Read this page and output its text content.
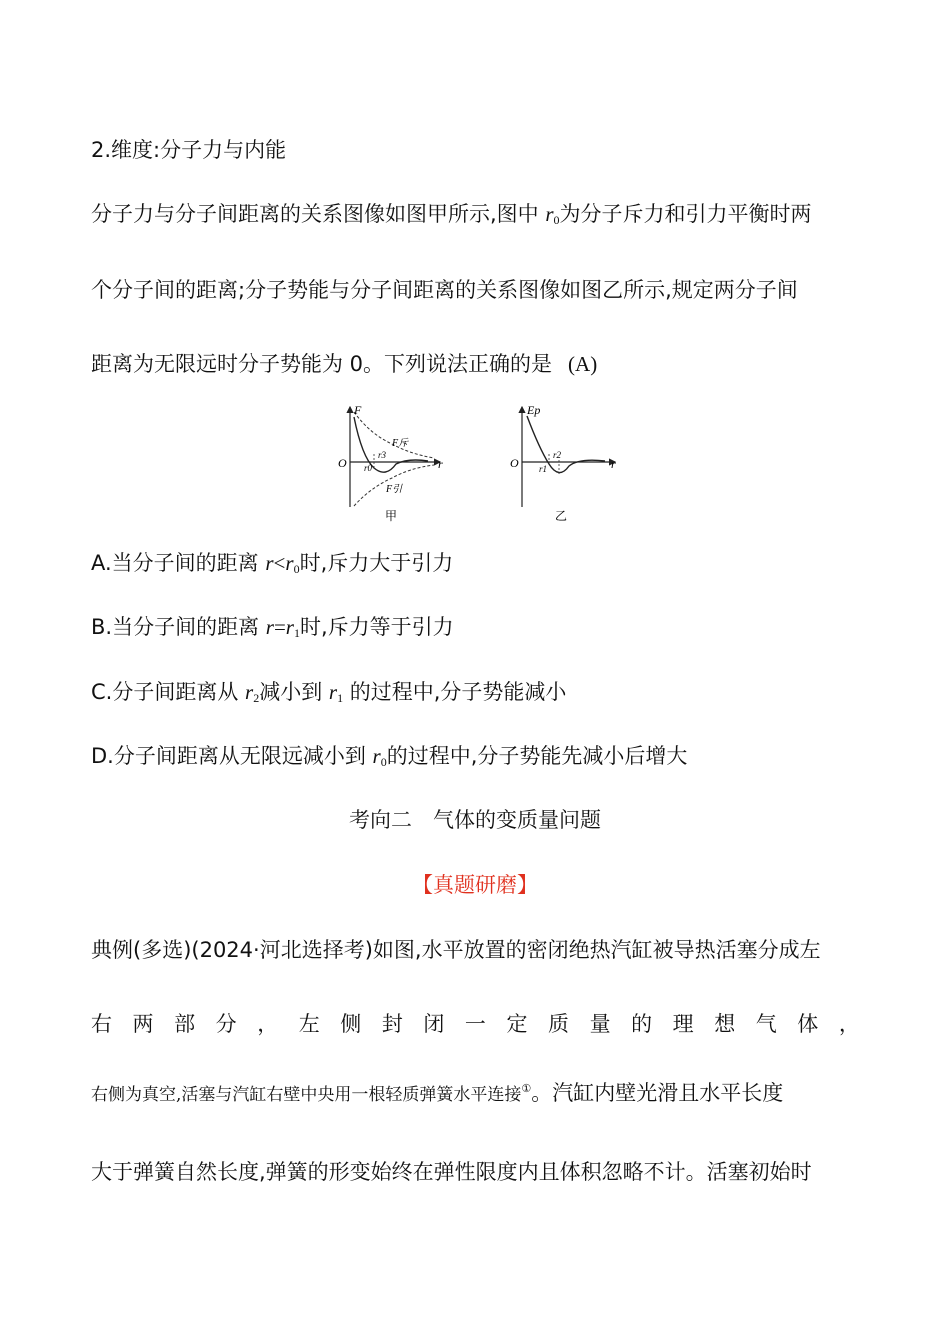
2.维度:分子力与内能
分子力与分子间距离的关系图像如图甲所示,图中 $r_0$为分子斥力和引力平衡时两
个分子间的距离;分子势能与分子间距离的关系图像如图乙所示,规定两分子间
距离为无限远时分子势能为 0。下列说法正确的是 (A)
F
O	r
r0
r3
F斥
F引
甲
Ep
O	r
r1
r2
乙
A.当分子间的距离 $r<r_0$时,斥力大于引力
B.当分子间的距离 $r=r_1$时,斥力等于引力
C.分子间距离从 $r_2$减小到 $r_1$ 的过程中,分子势能减小
D.分子间距离从无限远减小到 $r_0$的过程中,分子势能先减小后增大
考向二　气体的变质量问题
【真题研磨】
典例(多选)(2024·河北选择考)如图,水平放置的密闭绝热汽缸被导热活塞分成左
右 两 部 分 ， 左 侧 封 闭 一 定 质 量 的 理 想 气 体 ，
右侧为真空,活塞与汽缸右壁中央用一根轻质弹簧水平连接①。汽缸内壁光滑且水平长度
大于弹簧自然长度,弹簧的形变始终在弹性限度内且体积忽略不计。活塞初始时
